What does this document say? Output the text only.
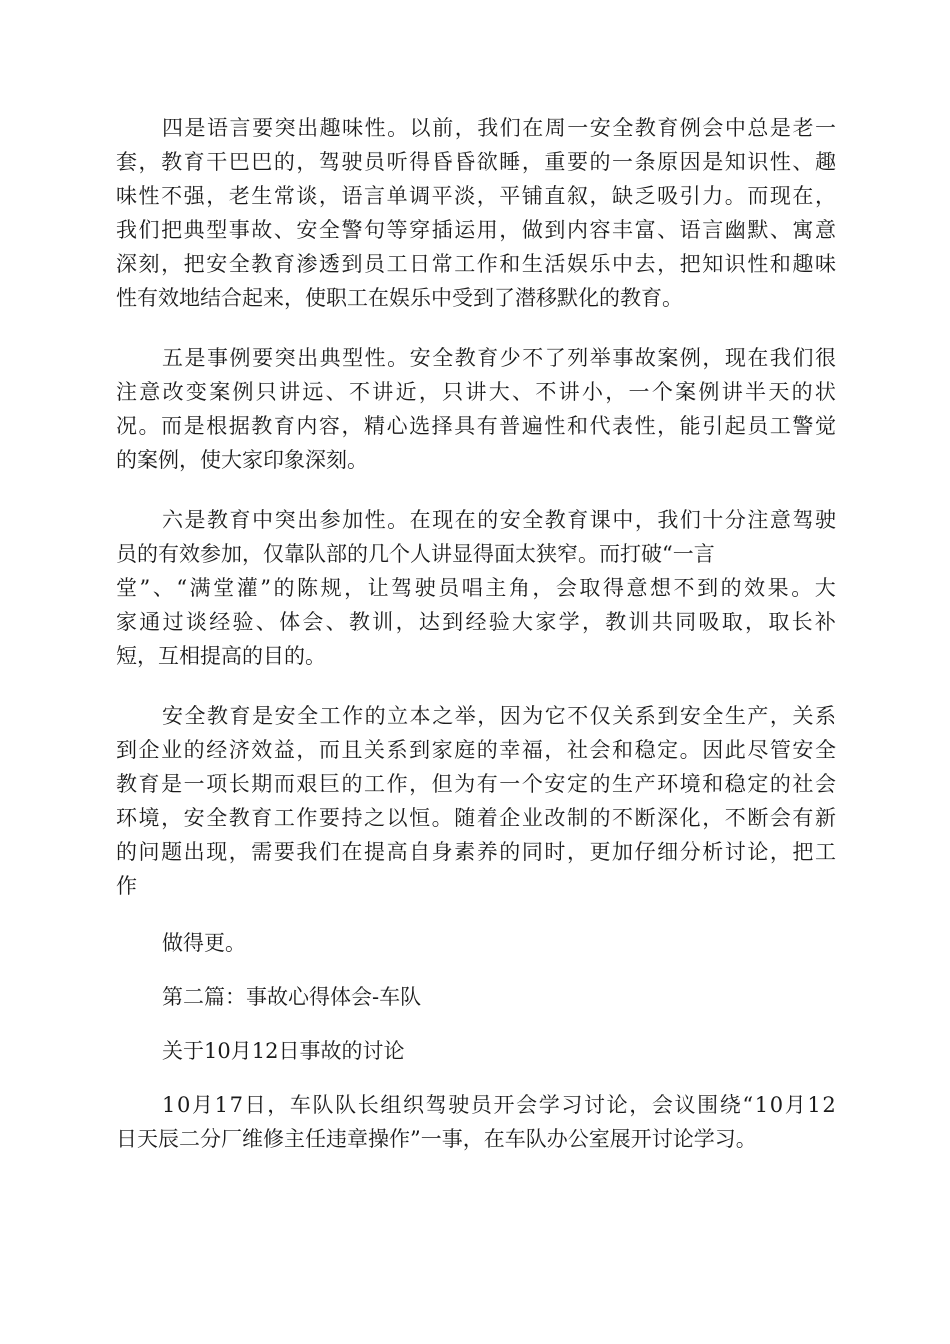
四 是 语 言 要 突 出 趣 味 性 。 以 前 ， 我 们 在 周 一 安 全 教 育 例 会 中 总 是 老 一
套 ， 教 育 干 巴 巴 的 ， 驾 驶 员 听 得 昏 昏 欲 睡 ， 重 要 的 一 条 原 因 是 知 识 性 、 趣
味 性 不 强 ， 老 生 常 谈 ， 语 言 单 调 平 淡 ， 平 铺 直 叙 ， 缺 乏 吸 引 力 。 而 现 在 ，
我 们 把 典 型 事 故 、 安 全 警 句 等 穿 插 运 用 ， 做 到 内 容 丰 富 、 语 言 幽 默 、 寓 意
深 刻 ， 把 安 全 教 育 渗 透 到 员 工 日 常 工 作 和 生 活 娱 乐 中 去 ， 把 知 识 性 和 趣 味
性有效地结合起来，使职工在娱乐中受到了潜移默化的教育。
五 是 事 例 要 突 出 典 型 性 。 安 全 教 育 少 不 了 列 举 事 故 案 例 ， 现 在 我 们 很
注 意 改 变 案 例 只 讲 远 、 不 讲 近 ， 只 讲 大 、 不 讲 小 ， 一 个 案 例 讲 半 天 的 状
况 。 而 是 根 据 教 育 内 容 ， 精 心 选 择 具 有 普 遍 性 和 代 表 性 ， 能 引 起 员 工 警 觉
的案例，使大家印象深刻。
六 是 教 育 中 突 出 参 加 性 。 在 现 在 的 安 全 教 育 课 中 ， 我 们 十 分 注 意 驾 驶
员的有效参加，仅靠队部的几个人讲显得面太狭窄。而打破“一言
堂 ” 、 “ 满 堂 灌 ” 的 陈 规 ， 让 驾 驶 员 唱 主 角 ， 会 取 得 意 想 不 到 的 效 果 。 大
家 通 过 谈 经 验 、 体 会 、 教 训 ， 达 到 经 验 大 家 学 ， 教 训 共 同 吸 取 ， 取 长 补
短，互相提高的目的。
安 全 教 育 是 安 全 工 作 的 立 本 之 举 ， 因 为 它 不 仅 关 系 到 安 全 生 产 ， 关 系
到 企 业 的 经 济 效 益 ， 而 且 关 系 到 家 庭 的 幸 福 ， 社 会 和 稳 定 。 因 此 尽 管 安 全
教 育 是 一 项 长 期 而 艰 巨 的 工 作 ， 但 为 有 一 个 安 定 的 生 产 环 境 和 稳 定 的 社 会
环 境 ， 安 全 教 育 工 作 要 持 之 以 恒 。 随 着 企 业 改 制 的 不 断 深 化 ， 不 断 会 有 新
的 问 题 出 现 ， 需 要 我 们 在 提 高 自 身 素 养 的 同 时 ， 更 加 仔 细 分 析 讨 论 ， 把 工
作
做得更。
第二篇：事故心得体会-车队
关于10月12日事故的讨论
1 0 月 1 7 日 ， 车 队 队 长 组 织 驾 驶 员 开 会 学 习 讨 论 ， 会 议 围 绕 “ 1 0 月 1 2
日天辰二分厂维修主任违章操作”一事，在车队办公室展开讨论学习。
